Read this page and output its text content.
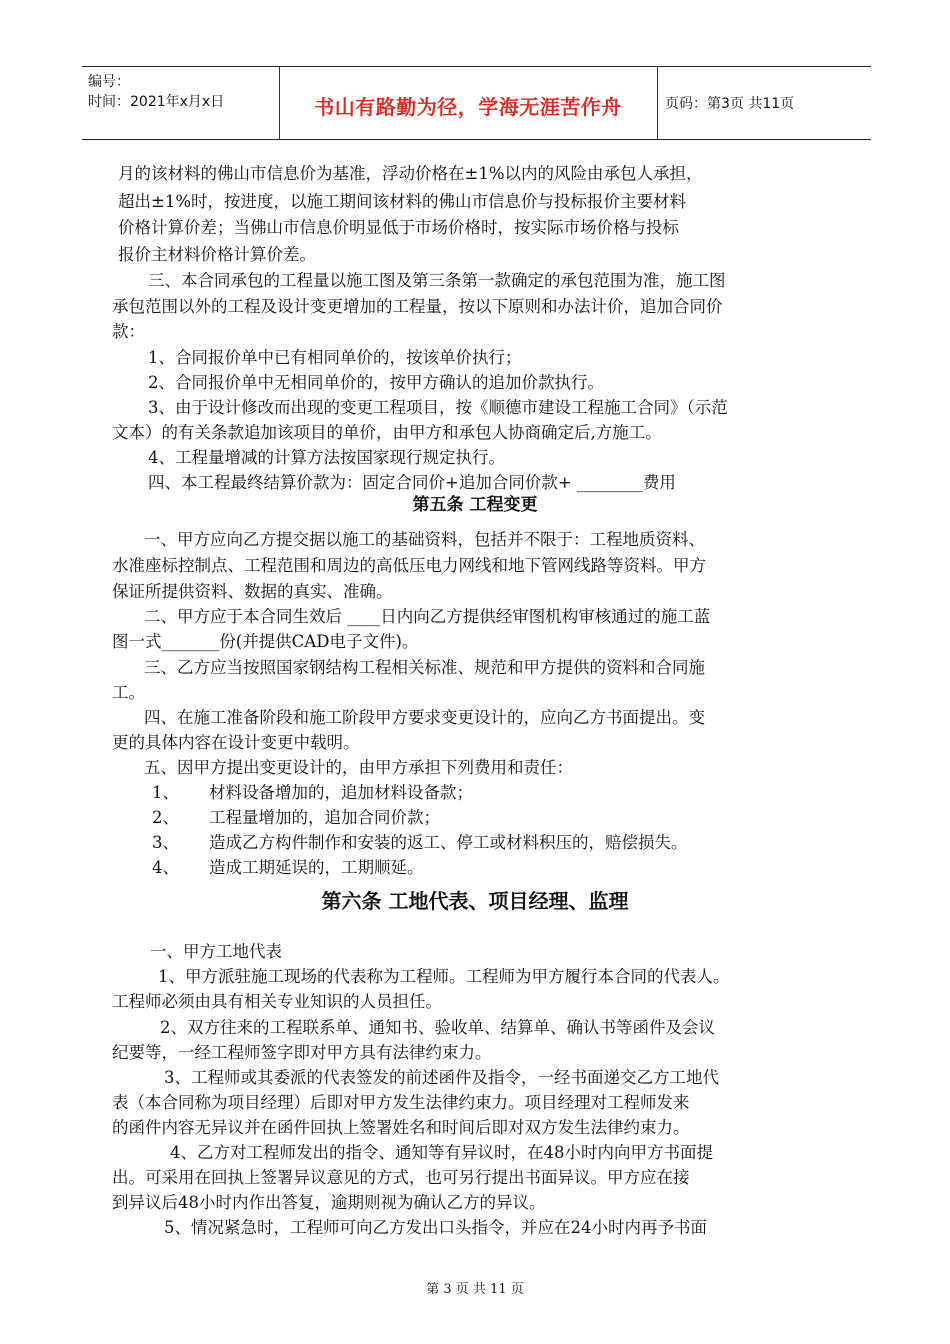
编号：
时间：2021年x月x日	书山有路勤为径，学海无涯苦作舟	页码：第3页 共11页
月的该材料的佛山市信息价为基准，浮动价格在±1%以内的风险由承包人承担，
超出±1%时，按进度，以施工期间该材料的佛山市信息价与投标报价主要材料
价格计算价差；当佛山市信息价明显低于市场价格时，按实际市场价格与投标
报价主材料价格计算价差。
三、本合同承包的工程量以施工图及第三条第一款确定的承包范围为准，施工图
承包范围以外的工程及设计变更增加的工程量，按以下原则和办法计价，追加合同价
款：
1、合同报价单中已有相同单价的，按该单价执行；
2、合同报价单中无相同单价的，按甲方确认的追加价款执行。
3、由于设计修改而出现的变更工程项目，按《顺德市建设工程施工合同》（示范
文本）的有关条款追加该项目的单价，由甲方和承包人协商确定后,方施工。
4、工程量增减的计算方法按国家现行规定执行。
四、本工程最终结算价款为：固定合同价+追加合同价款+ ________费用
第五条 工程变更
一、甲方应向乙方提交据以施工的基础资料，包括并不限于：工程地质资料、
水准座标控制点、工程范围和周边的高低压电力网线和地下管网线路等资料。甲方
保证所提供资料、数据的真实、准确。
二、甲方应于本合同生效后 ____日内向乙方提供经审图机构审核通过的施工蓝
图一式_______份(并提供CAD电子文件)。
三、乙方应当按照国家钢结构工程相关标准、规范和甲方提供的资料和合同施
工。
四、在施工准备阶段和施工阶段甲方要求变更设计的，应向乙方书面提出。变
更的具体内容在设计变更中载明。
五、因甲方提出变更设计的，由甲方承担下列费用和责任：
1、 材料设备增加的，追加材料设备款；
2、 工程量增加的，追加合同价款；
3、 造成乙方构件制作和安装的返工、停工或材料积压的，赔偿损失。
4、 造成工期延误的，工期顺延。
第六条 工地代表、项目经理、监理
一、甲方工地代表
1、甲方派驻施工现场的代表称为工程师。工程师为甲方履行本合同的代表人。
工程师必须由具有相关专业知识的人员担任。
2、双方往来的工程联系单、通知书、验收单、结算单、确认书等函件及会议
纪要等，一经工程师签字即对甲方具有法律约束力。
3、工程师或其委派的代表签发的前述函件及指令，一经书面递交乙方工地代
表（本合同称为项目经理）后即对甲方发生法律约束力。项目经理对工程师发来
的函件内容无异议并在函件回执上签署姓名和时间后即对双方发生法律约束力。
4、乙方对工程师发出的指令、通知等有异议时，在48小时内向甲方书面提
出。可采用在回执上签署异议意见的方式，也可另行提出书面异议。甲方应在接
到异议后48小时内作出答复，逾期则视为确认乙方的异议。
5、情况紧急时，工程师可向乙方发出口头指令，并应在24小时内再予书面
第 3 页 共 11 页
